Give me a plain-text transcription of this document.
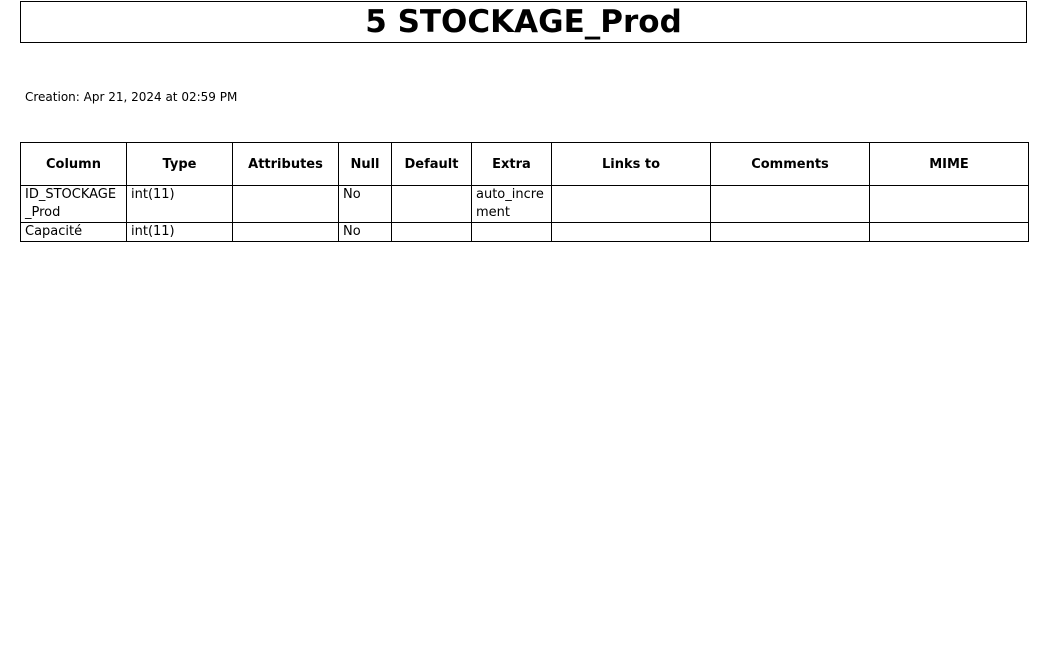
5 STOCKAGE_Prod
Creation: Apr 21, 2024 at 02:59 PM
Column	Type	Attributes	Null	Default	Extra	Links to	Comments	MIME
ID_STOCKAGE_Prod	int(11)		No		auto_increment			
Capacité	int(11)		No					
